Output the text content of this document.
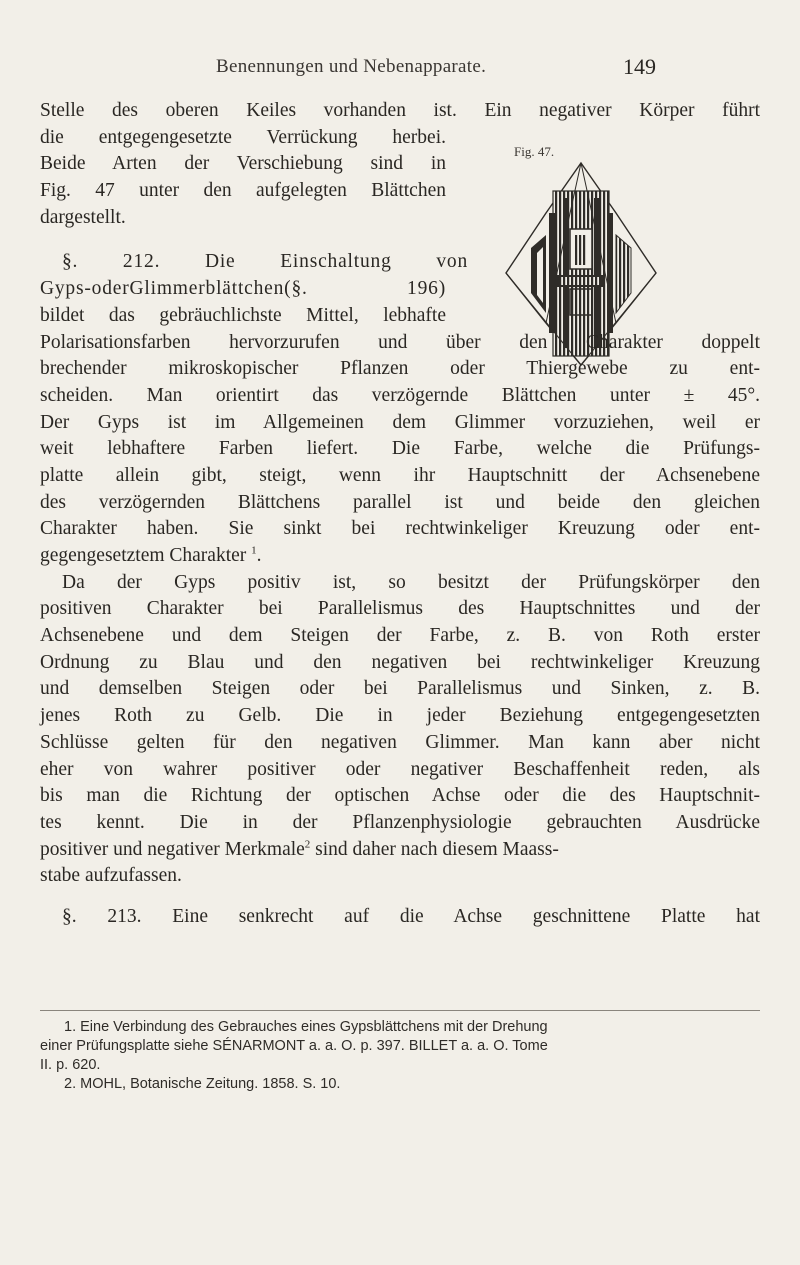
Benennungen und Nebenapparate.	149
Fig. 47.
Stelle des oberen Keiles vorhanden ist. Ein negativer Körper führt
die entgegengesetzte Verrückung herbei.
Beide Arten der Verschiebung sind in
Fig. 47 unter den aufgelegten Blättchen
dargestellt.
§. 212. Die Einschaltung von
Gyps-oderGlimmerblättchen(§. 196)
bildet das gebräuchlichste Mittel, lebhafte
Polarisationsfarben hervorzurufen und über den Charakter doppelt
brechender mikroskopischer Pflanzen oder Thiergewebe zu ent-
scheiden. Man orientirt das verzögernde Blättchen unter ± 45°.
Der Gyps ist im Allgemeinen dem Glimmer vorzuziehen, weil er
weit lebhaftere Farben liefert. Die Farbe, welche die Prüfungs-
platte allein gibt, steigt, wenn ihr Hauptschnitt der Achsenebene
des verzögernden Blättchens parallel ist und beide den gleichen
Charakter haben. Sie sinkt bei rechtwinkeliger Kreuzung oder ent-
gegengesetztem Charakter $^1$.
Da der Gyps positiv ist, so besitzt der Prüfungskörper den
positiven Charakter bei Parallelismus des Hauptschnittes und der
Achsenebene und dem Steigen der Farbe, z. B. von Roth erster
Ordnung zu Blau und den negativen bei rechtwinkeliger Kreuzung
und demselben Steigen oder bei Parallelismus und Sinken, z. B.
jenes Roth zu Gelb. Die in jeder Beziehung entgegengesetzten
Schlüsse gelten für den negativen Glimmer. Man kann aber nicht
eher von wahrer positiver oder negativer Beschaffenheit reden, als
bis man die Richtung der optischen Achse oder die des Hauptschnit-
tes kennt. Die in der Pflanzenphysiologie gebrauchten Ausdrücke
positiver und negativer Merkmale$^2$ sind daher nach diesem Maass-
stabe aufzufassen.
§. 213. Eine senkrecht auf die Achse geschnittene Platte hat
1. Eine Verbindung des Gebrauches eines Gypsblättchens mit der Drehung
einer Prüfungsplatte siehe SÉNARMONT a. a. O. p. 397. BILLET a. a. O. Tome
II. p. 620.
2. MOHL, Botanische Zeitung. 1858. S. 10.
